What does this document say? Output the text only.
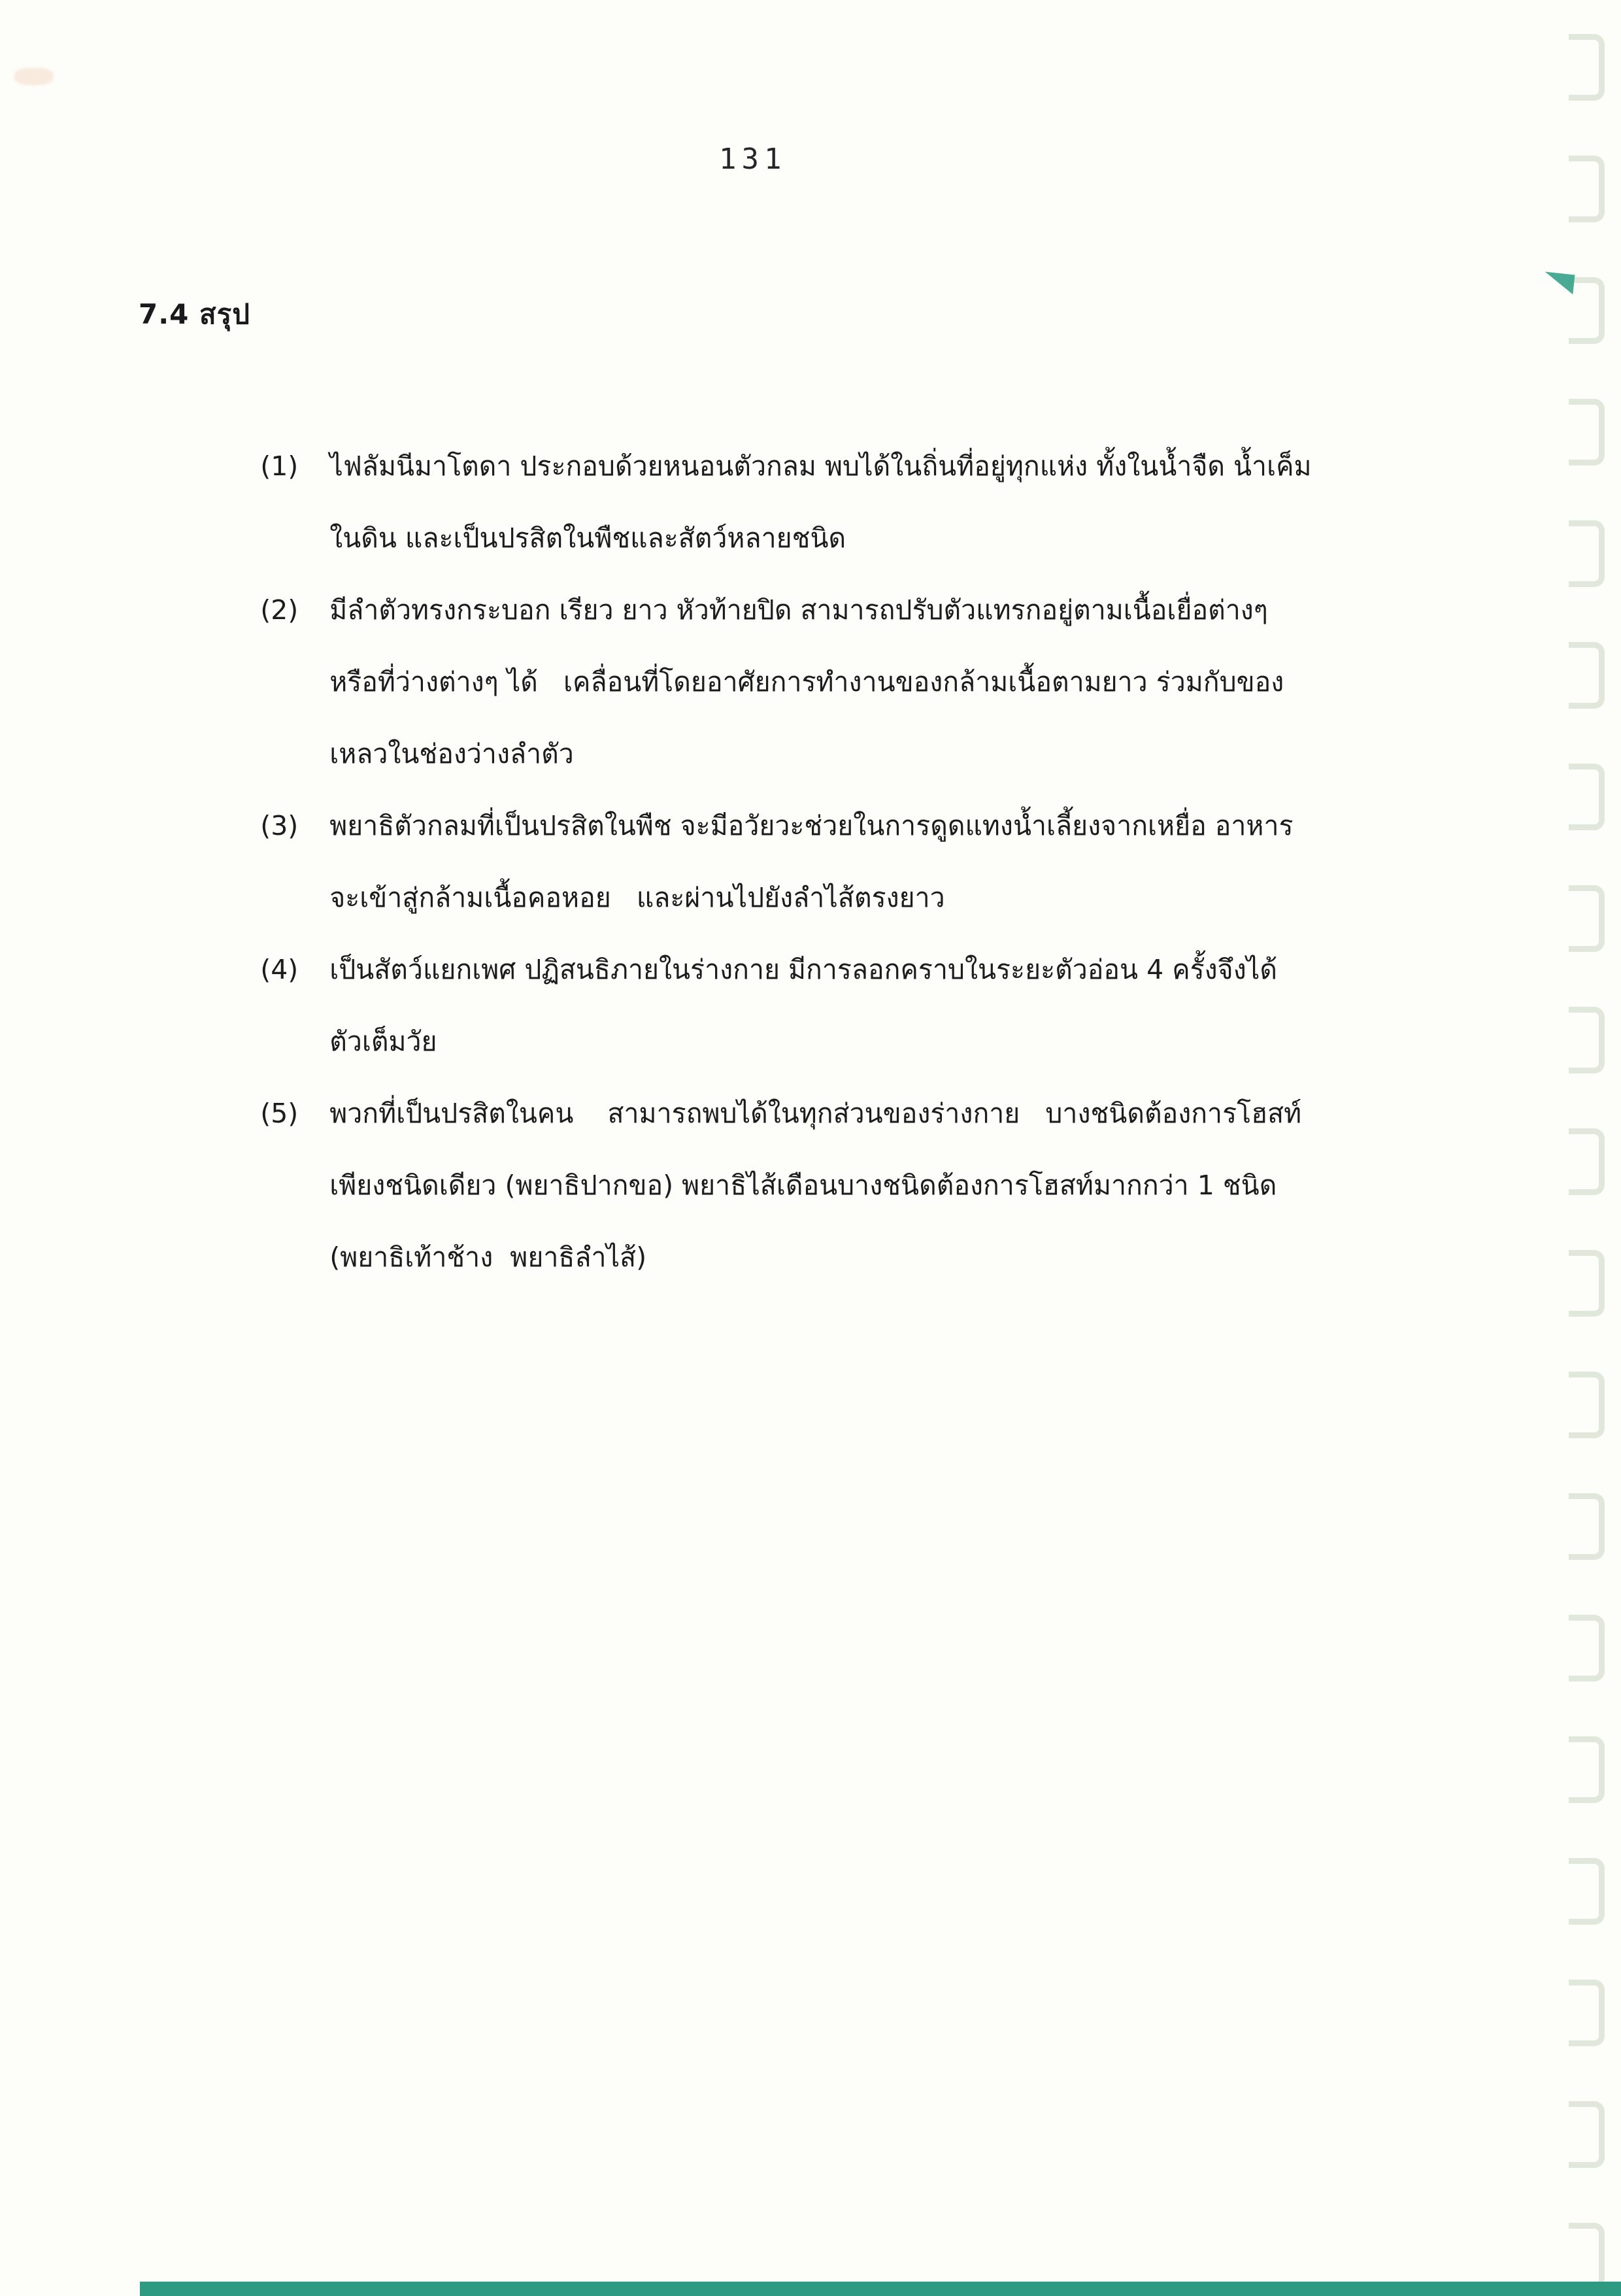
131
7.4 สรุป

(1) ไฟลัมนีมาโตดา ประกอบด้วยหนอนตัวกลม พบได้ในถิ่นที่อยู่ทุกแห่ง ทั้งในน้ำจืด น้ำเค็ม

ในดิน และเป็นปรสิตในพืชและสัตว์หลายชนิด

(2) มีลำตัวทรงกระบอก เรียว ยาว หัวท้ายปิด สามารถปรับตัวแทรกอยู่ตามเนื้อเยื่อต่างๆ

หรือที่ว่างต่างๆ ได้   เคลื่อนที่โดยอาศัยการทำงานของกล้ามเนื้อตามยาว ร่วมกับของ

เหลวในช่องว่างลำตัว

(3) พยาธิตัวกลมที่เป็นปรสิตในพืช จะมีอวัยวะช่วยในการดูดแทงน้ำเลี้ยงจากเหยื่อ อาหาร

จะเข้าสู่กล้ามเนื้อคอหอย   และผ่านไปยังลำไส้ตรงยาว

(4) เป็นสัตว์แยกเพศ ปฏิสนธิภายในร่างกาย มีการลอกคราบในระยะตัวอ่อน 4 ครั้งจึงได้

ตัวเต็มวัย

(5) พวกที่เป็นปรสิตในคน    สามารถพบได้ในทุกส่วนของร่างกาย   บางชนิดต้องการโฮสท์

เพียงชนิดเดียว (พยาธิปากขอ) พยาธิไส้เดือนบางชนิดต้องการโฮสท์มากกว่า 1 ชนิด

(พยาธิเท้าช้าง  พยาธิลำไส้)
